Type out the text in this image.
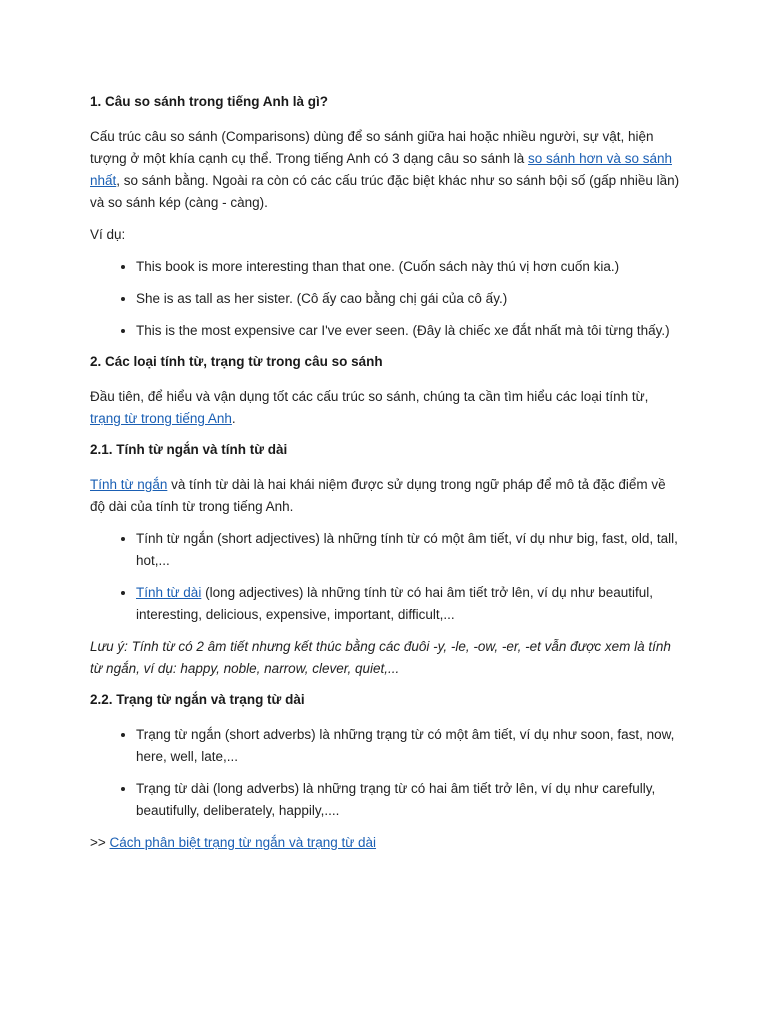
1. Câu so sánh trong tiếng Anh là gì?

Cấu trúc câu so sánh (Comparisons) dùng để so sánh giữa hai hoặc nhiều người, sự vật, hiện tượng ở một khía cạnh cụ thể. Trong tiếng Anh có 3 dạng câu so sánh là so sánh hơn và so sánh nhất, so sánh bằng. Ngoài ra còn có các cấu trúc đặc biệt khác như so sánh bội số (gấp nhiều lần) và so sánh kép (càng - càng).

Ví dụ:

• This book is more interesting than that one. (Cuốn sách này thú vị hơn cuốn kia.)
• She is as tall as her sister. (Cô ấy cao bằng chị gái của cô ấy.)
• This is the most expensive car I've ever seen. (Đây là chiếc xe đắt nhất mà tôi từng thấy.)
2. Các loại tính từ, trạng từ trong câu so sánh

Đầu tiên, để hiểu và vận dụng tốt các cấu trúc so sánh, chúng ta cần tìm hiểu các loại tính từ, trạng từ trong tiếng Anh.

2.1. Tính từ ngắn và tính từ dài

Tính từ ngắn và tính từ dài là hai khái niệm được sử dụng trong ngữ pháp để mô tả đặc điểm về độ dài của tính từ trong tiếng Anh.

• Tính từ ngắn (short adjectives) là những tính từ có một âm tiết, ví dụ như big, fast, old, tall, hot,...
• Tính từ dài (long adjectives) là những tính từ có hai âm tiết trở lên, ví dụ như beautiful, interesting, delicious, expensive, important, difficult,...

Lưu ý: Tính từ có 2 âm tiết nhưng kết thúc bằng các đuôi -y, -le, -ow, -er, -et vẫn được xem là tính từ ngắn, ví dụ: happy, noble, narrow, clever, quiet,...

2.2. Trạng từ ngắn và trạng từ dài
• Trạng từ ngắn (short adverbs) là những trạng từ có một âm tiết, ví dụ như soon, fast, now, here, well, late,...
• Trạng từ dài (long adverbs) là những trạng từ có hai âm tiết trở lên, ví dụ như carefully, beautifully, deliberately, happily,....

>> Cách phân biệt trạng từ ngắn và trạng từ dài
